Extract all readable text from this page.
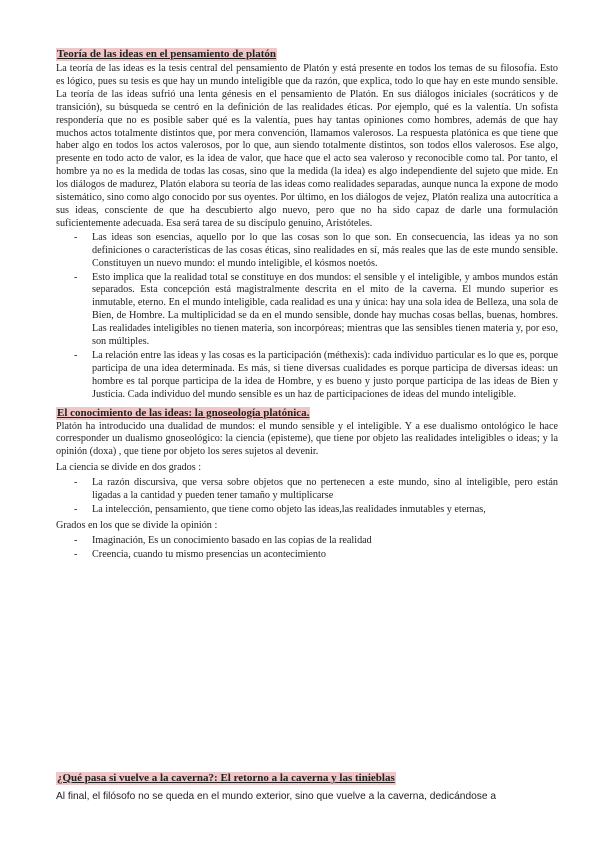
Teoría de las ideas en el pensamiento de platón

La teoría de las ideas es la tesis central del pensamiento de Platón y está presente en todos los temas de su filosofía. Esto es lógico, pues su tesis es que hay un mundo inteligible que da razón, que explica, todo lo que hay en este mundo sensible. La teoría de las ideas sufrió una lenta génesis en el pensamiento de Platón. En sus diálogos iniciales (socráticos y de transición), su búsqueda se centró en la definición de las realidades éticas. Por ejemplo, qué es la valentía. Un sofista respondería que no es posible saber qué es la valentía, pues hay tantas opiniones como hombres, además de que hay muchos actos totalmente distintos que, por mera convención, llamamos valerosos. La respuesta platónica es que tiene que haber algo en todos los actos valerosos, por lo que, aun siendo totalmente distintos, son todos ellos valerosos. Ese algo, presente en todo acto de valor, es la idea de valor, que hace que el acto sea valeroso y reconocible como tal. Por tanto, el hombre ya no es la medida de todas las cosas, sino que la medida (la idea) es algo independiente del sujeto que mide. En los diálogos de madurez, Platón elabora su teoría de las ideas como realidades separadas, aunque nunca la expone de modo sistemático, sino como algo conocido por sus oyentes. Por último, en los diálogos de vejez, Platón realiza una autocrítica a sus ideas, consciente de que ha descubierto algo nuevo, pero que no ha sido capaz de darle una formulación suficientemente adecuada. Esa será tarea de su discípulo genuino, Aristóteles.

- Las ideas son esencias, aquello por lo que las cosas son lo que son. En consecuencia, las ideas ya no son definiciones o características de las cosas éticas, sino realidades en sí, más reales que las de este mundo sensible. Constituyen un nuevo mundo: el mundo inteligible, el kósmos noetós.
- Esto implica que la realidad total se constituye en dos mundos: el sensible y el inteligible, y ambos mundos están separados. Esta concepción está magistralmente descrita en el mito de la caverna. El mundo superior es inmutable, eterno. En el mundo inteligible, cada realidad es una y única: hay una sola idea de Belleza, una sola de Bien, de Hombre. La multiplicidad se da en el mundo sensible, donde hay muchas cosas bellas, buenas, hombres. Las realidades inteligibles no tienen materia, son incorpóreas; mientras que las sensibles tienen materia y, por eso, son múltiples.
- La relación entre las ideas y las cosas es la participación (méthexis): cada individuo particular es lo que es, porque participa de una idea determinada. Es más, si tiene diversas cualidades es porque participa de diversas ideas: un hombre es tal porque participa de la idea de Hombre, y es bueno y justo porque participa de las ideas de Bien y Justicia. Cada individuo del mundo sensible es un haz de participaciones de ideas del mundo inteligible.
El conocimiento de las ideas: la gnoseología platónica.

Platón ha introducido una dualidad de mundos: el mundo sensible y el inteligible. Y a ese dualismo ontológico le hace corresponder un dualismo gnoseológico: la ciencia (episteme), que tiene por objeto las realidades inteligibles o ideas; y la opinión (doxa) , que tiene por objeto los seres sujetos al devenir.

La ciencia se divide en dos grados :

- La razón discursiva, que versa sobre objetos que no pertenecen a este mundo, sino al inteligible, pero están ligadas a la cantidad y pueden tener tamaño y multiplicarse
- La intelección, pensamiento, que tiene como objeto las ideas,las realidades inmutables y eternas,

Grados en los que se divide la opinión :

- Imaginación, Es un conocimiento basado en las copias de la realidad
- Creencia, cuando tu mismo presencias un acontecimiento
¿Qué pasa si vuelve a la caverna?: El retorno a la caverna y las tinieblas
Al final, el filósofo no se queda en el mundo exterior, sino que vuelve a la caverna, dedicándose a
